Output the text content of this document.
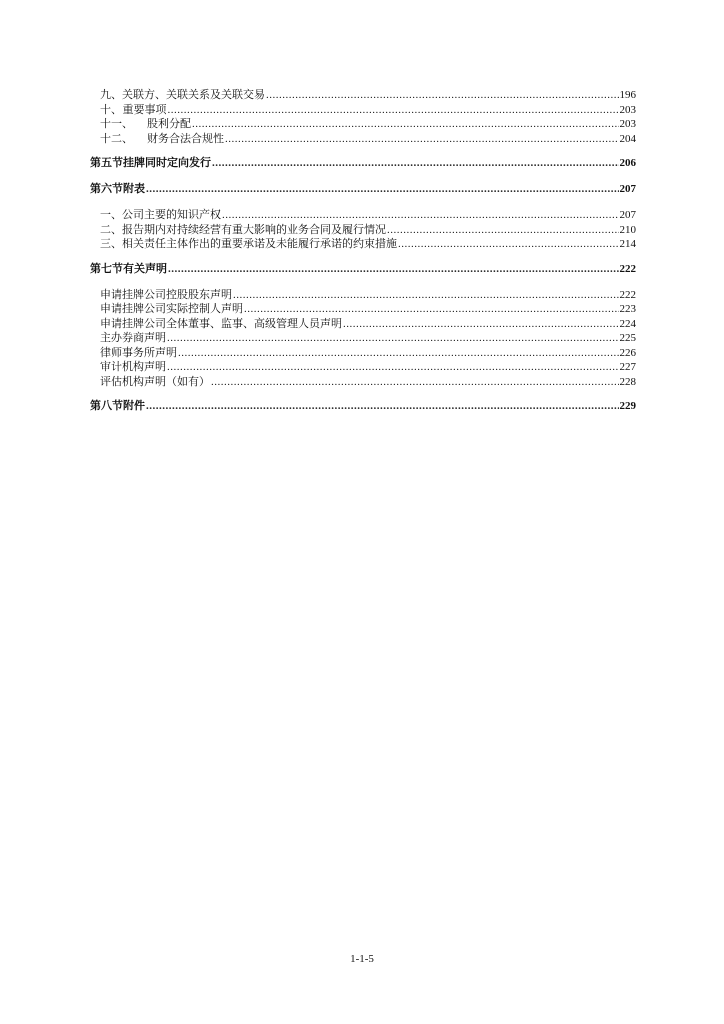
九、 关联方、关联关系及关联交易 .....	196
十、 重要事项 .....	203
十一、	股利分配 .....	203
十二、	财务合法合规性 .....	204
第五节 挂牌同时定向发行 .....	206
第六节 附表 .....	207
一、 公司主要的知识产权 .....	207
二、 报告期内对持续经营有重大影响的业务合同及履行情况 .....	210
三、 相关责任主体作出的重要承诺及未能履行承诺的约束措施 .....	214
第七节 有关声明 .....	222
申请挂牌公司控股股东声明 .....	222
申请挂牌公司实际控制人声明 .....	223
申请挂牌公司全体董事、监事、高级管理人员声明 .....	224
主办券商声明 .....	225
律师事务所声明 .....	226
审计机构声明 .....	227
评估机构声明（如有） .....	228
第八节 附件 .....	229
1-1-5
